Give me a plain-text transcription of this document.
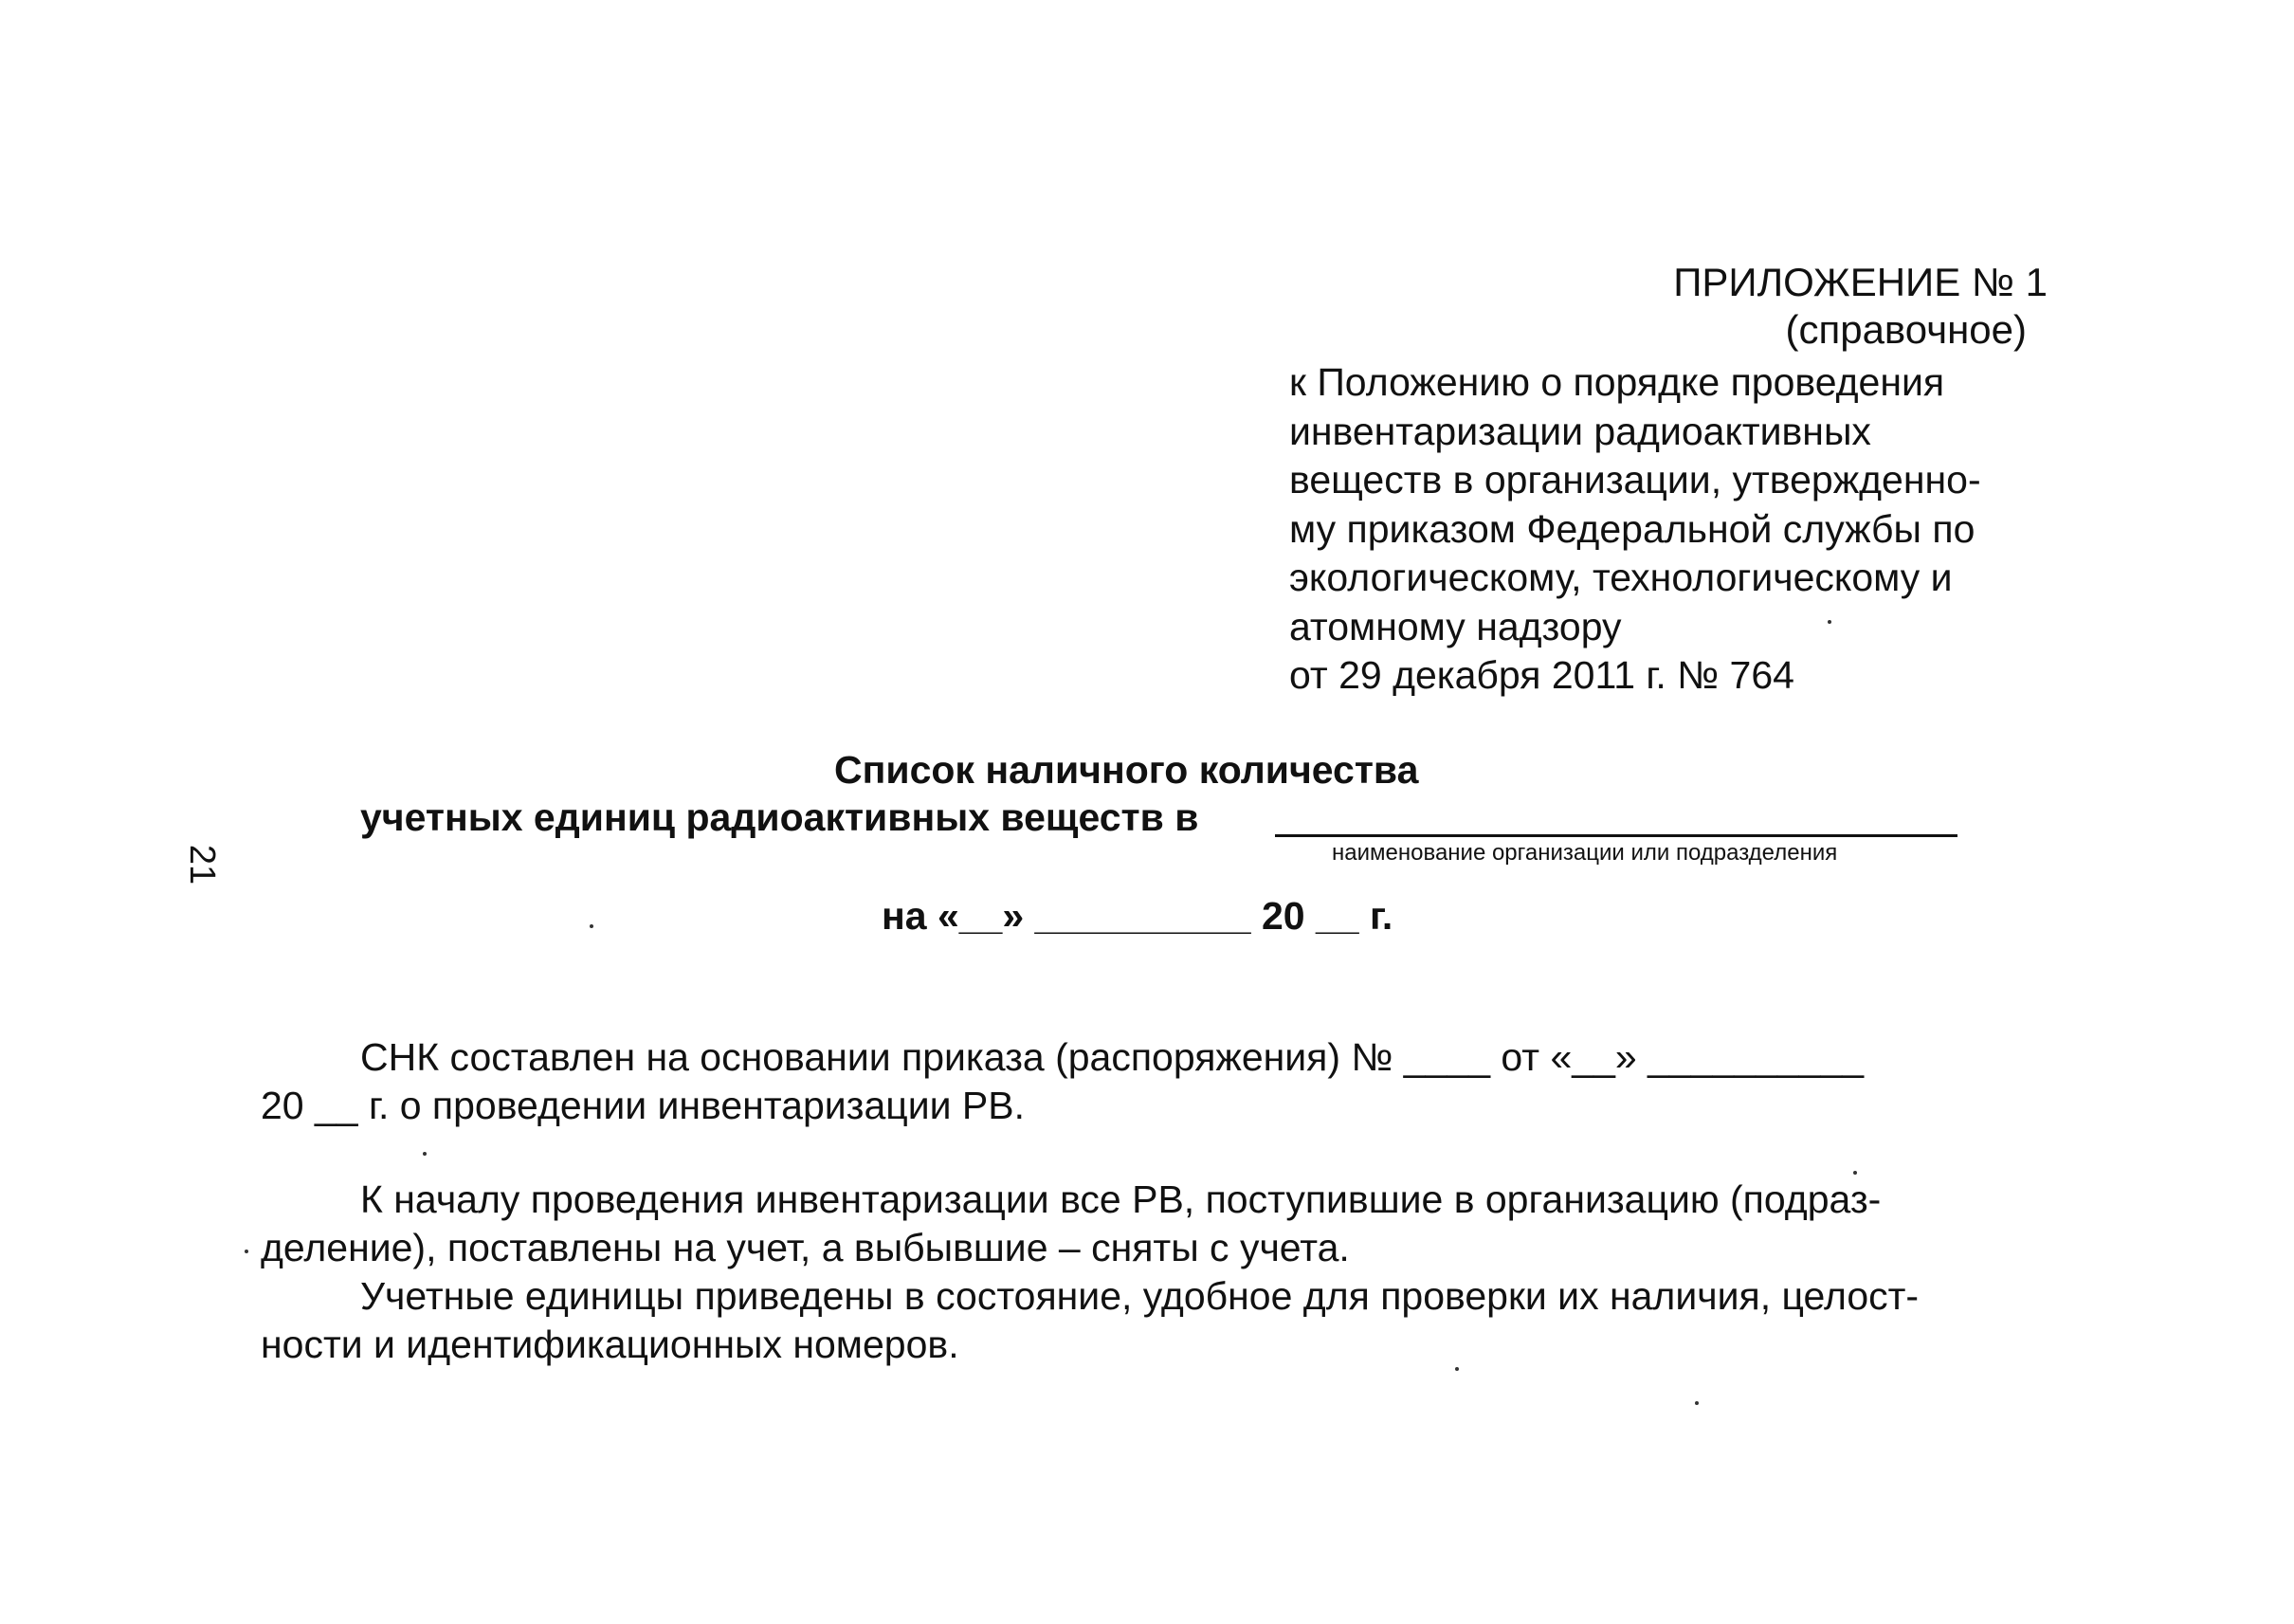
ПРИЛОЖЕНИЕ № 1
(справочное)
к Положению о порядке проведения
инвентаризации радиоактивных
веществ в организации, утвержденно-
му приказом Федеральной службы по
экологическому, технологическому и
атомному надзору
от 29 декабря 2011 г. № 764
Список наличного количества
учетных единиц радиоактивных веществ в
наименование организации или подразделения
на «__» __________ 20 __ г.
21
СНК составлен на основании приказа (распоряжения) № ____ от «__» __________
20 __ г. о проведении инвентаризации РВ.
К началу проведения инвентаризации все РВ, поступившие в организацию (подраз-
деление), поставлены на учет, а выбывшие – сняты с учета.
Учетные единицы приведены в состояние, удобное для проверки их наличия, целост-
ности и идентификационных номеров.
